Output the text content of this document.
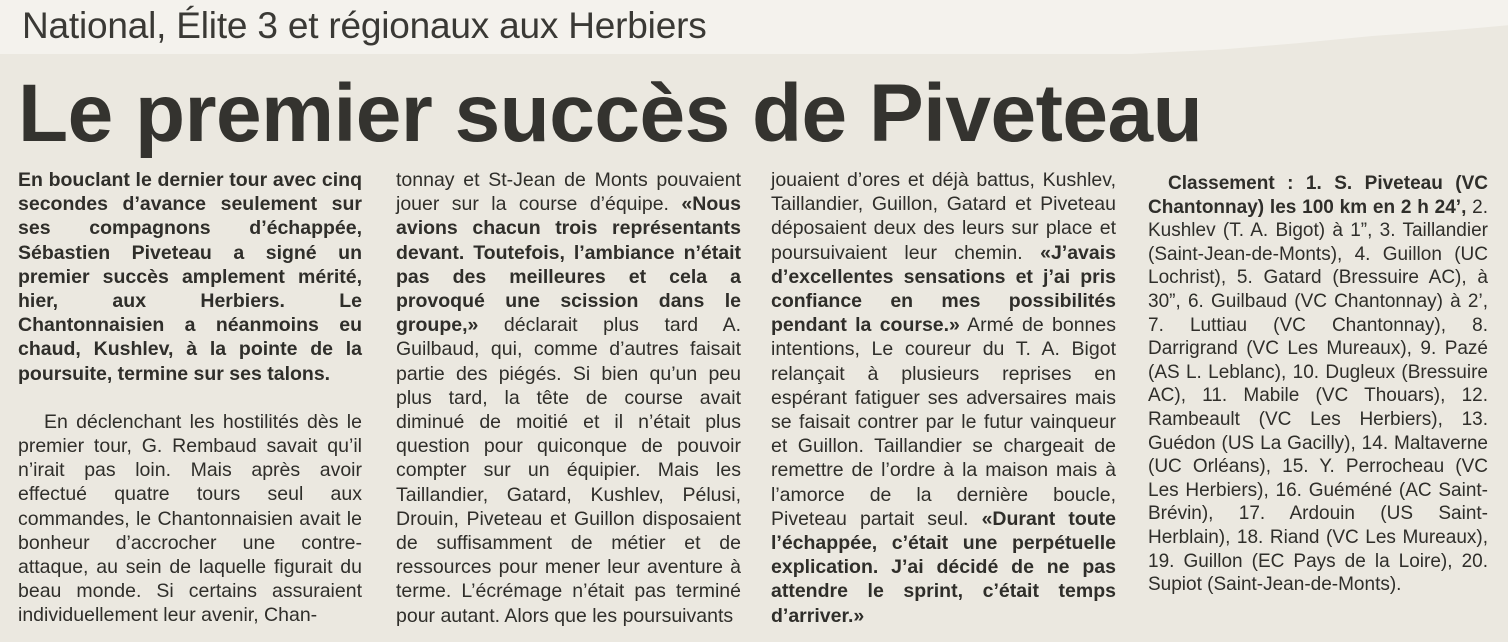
National, Élite 3 et régionaux aux Herbiers
Le premier succès de Piveteau

En bouclant le dernier tour avec cinq secondes d’avance seulement sur ses compagnons d’échappée, Sébastien Piveteau a signé un premier succès amplement mérité, hier, aux Herbiers. Le Chantonnaisien a néanmoins eu chaud, Kushlev, à la pointe de la poursuite, termine sur ses talons.

En déclenchant les hostilités dès le premier tour, G. Rembaud savait qu’il n’irait pas loin. Mais après avoir effectué quatre tours seul aux commandes, le Chantonnaisien avait le bonheur d’accrocher une contre-attaque, au sein de laquelle figurait du beau monde. Si certains assuraient individuellement leur avenir, Chan-

tonnay et St-Jean de Monts pouvaient jouer sur la course d’équipe. «Nous avions chacun trois représentants devant. Toutefois, l’ambiance n’était pas des meilleures et cela a provoqué une scission dans le groupe,» déclarait plus tard A. Guilbaud, qui, comme d’autres faisait partie des piégés. Si bien qu’un peu plus tard, la tête de course avait diminué de moitié et il n’était plus question pour quiconque de pouvoir compter sur un équipier. Mais les Taillandier, Gatard, Kushlev, Pélusi, Drouin, Piveteau et Guillon disposaient de suffisamment de métier et de ressources pour mener leur aventure à terme. L’écrémage n’était pas terminé pour autant. Alors que les poursuivants

jouaient d’ores et déjà battus, Kushlev, Taillandier, Guillon, Gatard et Piveteau déposaient deux des leurs sur place et poursuivaient leur chemin. «J’avais d’excellentes sensations et j’ai pris confiance en mes possibilités pendant la course.» Armé de bonnes intentions, Le coureur du T. A. Bigot relançait à plusieurs reprises en espérant fatiguer ses adversaires mais se faisait contrer par le futur vainqueur et Guillon. Taillandier se chargeait de remettre de l’ordre à la maison mais à l’amorce de la dernière boucle, Piveteau partait seul. «Durant toute l’échappée, c’était une perpétuelle explication. J’ai décidé de ne pas attendre le sprint, c’était temps d’arriver.»

Classement : 1. S. Piveteau (VC Chantonnay) les 100 km en 2 h 24’, 2. Kushlev (T. A. Bigot) à 1”, 3. Taillandier (Saint-Jean-de-Monts), 4. Guillon (UC Lochrist), 5. Gatard (Bressuire AC), à 30”, 6. Guilbaud (VC Chantonnay) à 2’, 7. Luttiau (VC Chantonnay), 8. Darrigrand (VC Les Mureaux), 9. Pazé (AS L. Leblanc), 10. Dugleux (Bressuire AC), 11. Mabile (VC Thouars), 12. Rambeault (VC Les Herbiers), 13. Guédon (US La Gacilly), 14. Maltaverne (UC Orléans), 15. Y. Perrocheau (VC Les Herbiers), 16. Guéméné (AC Saint-Brévin), 17. Ardouin (US Saint-Herblain), 18. Riand (VC Les Mureaux), 19. Guillon (EC Pays de la Loire), 20. Supiot (Saint-Jean-de-Monts).
